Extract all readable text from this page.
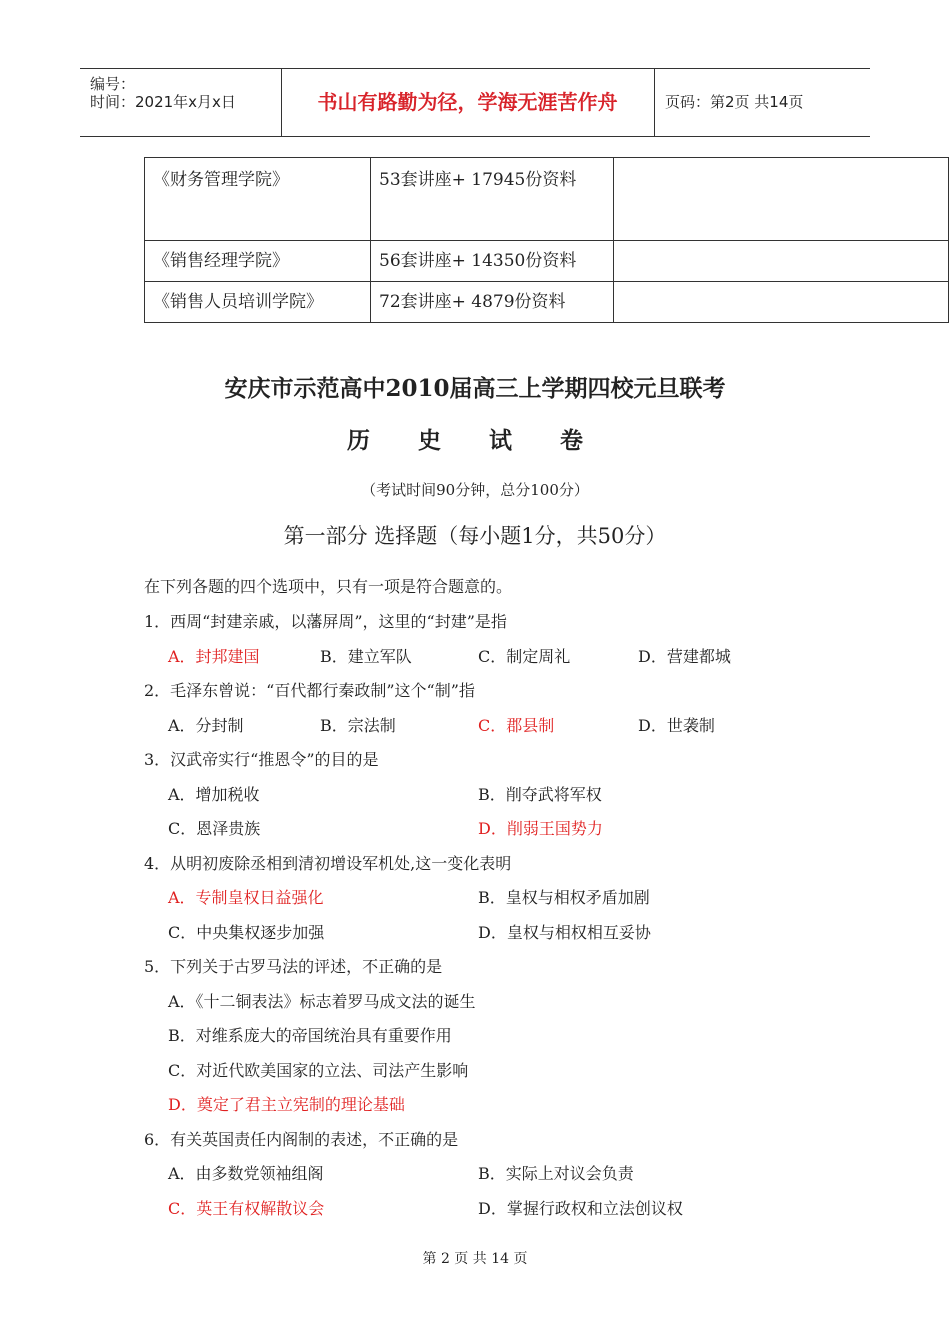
编号：
时间：2021年x月x日	书山有路勤为径，学海无涯苦作舟	页码：第2页 共14页
《财务管理学院》	53套讲座+ 17945份资料	
《销售经理学院》	56套讲座+ 14350份资料	
《销售人员培训学院》	72套讲座+ 4879份资料	
安庆市示范高中2010届高三上学期四校元旦联考
历 史 试 卷
（考试时间90分钟，总分100分）
第一部分 选择题（每小题1分，共50分）
在下列各题的四个选项中，只有一项是符合题意的。
1．西周“封建亲戚，以藩屏周”，这里的“封建”是指
A．封邦建国	B．建立军队	C．制定周礼	D．营建都城
2．毛泽东曾说：“百代都行秦政制”这个“制”指
A．分封制	B．宗法制	C．郡县制	D．世袭制
3．汉武帝实行“推恩令”的目的是
A．增加税收	B．削夺武将军权
C．恩泽贵族	D．削弱王国势力
4．从明初废除丞相到清初增设军机处,这一变化表明
A．专制皇权日益强化	B．皇权与相权矛盾加剧
C．中央集权逐步加强	D．皇权与相权相互妥协
5．下列关于古罗马法的评述，不正确的是
A．《十二铜表法》标志着罗马成文法的诞生
B．对维系庞大的帝国统治具有重要作用
C．对近代欧美国家的立法、司法产生影响
D．奠定了君主立宪制的理论基础
6．有关英国责任内阁制的表述，不正确的是
A．由多数党领袖组阁	B．实际上对议会负责
C．英王有权解散议会	D．掌握行政权和立法创议权
第 2 页 共 14 页
